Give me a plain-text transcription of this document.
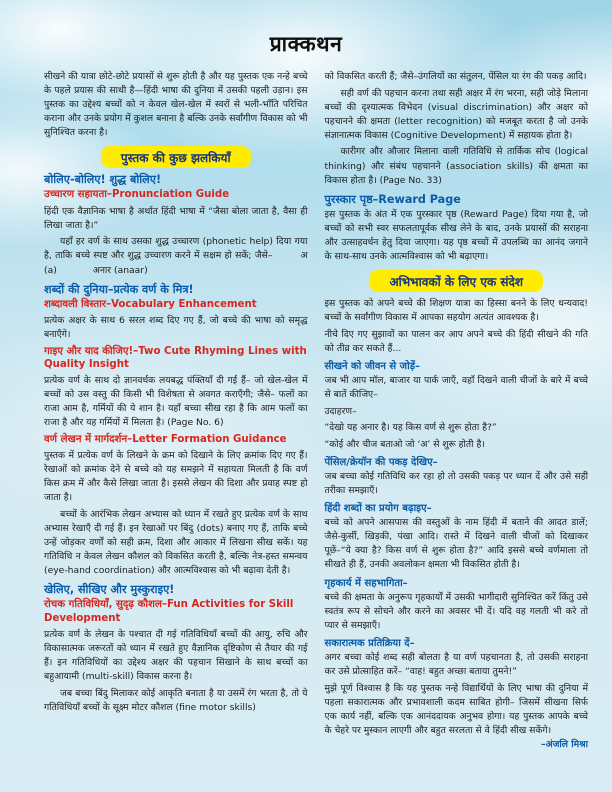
प्राक्कथन

सीखने की यात्रा छोटे-छोटे प्रयासों से शुरू होती है और यह पुस्तक एक नन्हे बच्चे के पहले प्रयास की साथी है—हिंदी भाषा की दुनिया में उसकी पहली उड़ान। इस पुस्तक का उद्देश्य बच्चों को न केवल खेल-खेल में स्वरों से भली-भाँति परिचित कराना और उनके प्रयोग में कुशल बनाना है बल्कि उनके सर्वांगीण विकास को भी सुनिश्चित करना है।

पुस्तक की कुछ झलकियाँ
बोलिए-बोलिए! शुद्ध बोलिए!
उच्चारण सहायता–Pronunciation Guide

हिंदी एक वैज्ञानिक भाषा है अर्थात हिंदी भाषा में “जैसा बोला जाता है, वैसा ही लिखा जाता है।”

यहाँ हर वर्ण के साथ उसका शुद्ध उच्चारण (phonetic help) दिया गया है, ताकि बच्चे स्पष्ट और शुद्ध उच्चारण करने में सक्षम हो सकें; जैसे–	अ (a)	अनार (anaar)

शब्दों की दुनिया–प्रत्येक वर्ण के मित्र!
शब्दावली विस्तार–Vocabulary Enhancement

प्रत्येक अक्षर के साथ 6 सरल शब्द दिए गए हैं, जो बच्चे की भाषा को समृद्ध बनाएँगे।

गाइए और याद कीजिए!–Two Cute Rhyming Lines with Quality Insight

प्रत्येक वर्ण के साथ दो ज्ञानवर्धक लयबद्ध पंक्तियाँ दी गई हैं– जो खेल-खेल में बच्चों को उस वस्तु की किसी भी विशेषता से अवगत कराएँगी; जैसे– फलों का राजा आम है, गर्मियों की ये शान है। यहाँ बच्चा सीख रहा है कि आम फलों का राजा है और यह गर्मियों में मिलता है। (Page No. 6)

वर्ण लेखन में मार्गदर्शन–Letter Formation Guidance

पुस्तक में प्रत्येक वर्ण के लिखने के क्रम को दिखाने के लिए क्रमांक दिए गए हैं। रेखाओं को क्रमांक देने से बच्चे को यह समझने में सहायता मिलती है कि वर्ण किस क्रम में और कैसे लिखा जाता है। इससे लेखन की दिशा और प्रवाह स्पष्ट हो जाता है।

बच्चों के आरंभिक लेखन अभ्यास को ध्यान में रखते हुए प्रत्येक वर्ण के साथ अभ्यास रेखाएँ दी गई हैं। इन रेखाओं पर बिंदु (dots) बनाए गए हैं, ताकि बच्चे उन्हें जोड़कर वर्णों को सही क्रम, दिशा और आकार में लिखना सीख सकें। यह गतिविधि न केवल लेखन कौशल को विकसित करती है, बल्कि नेत्र-हस्त समन्वय (eye-hand coordination) और आत्मविश्वास को भी बढ़ावा देती है।

खेलिए, सीखिए और मुस्कुराइए!
रोचक गतिविधियाँ, सुदृढ़ कौशल–Fun Activities for Skill Development

प्रत्येक वर्ण के लेखन के पश्चात दी गई गतिविधियाँ बच्चों की आयु, रुचि और विकासात्मक जरूरतों को ध्यान में रखते हुए वैज्ञानिक दृष्टिकोण से तैयार की गई हैं। इन गतिविधियों का उद्देश्य अक्षर की पहचान सिखाने के साथ बच्चों का बहुआयामी (multi-skill) विकास करना है।

जब बच्चा बिंदु मिलाकर कोई आकृति बनाता है या उसमें रंग भरता है, तो ये गतिविधियाँ बच्चों के सूक्ष्म मोटर कौशल (fine motor skills)

को विकसित करती हैं; जैसे–उंगलियों का संतुलन, पेंसिल या रंग की पकड़ आदि।

सही वर्ण की पहचान करना तथा सही अक्षर में रंग भरना, सही जोड़े मिलाना बच्चों की दृश्यात्मक विभेदन (visual discrimination) और अक्षर को पहचानने की क्षमता (letter recognition) को मजबूत करता है जो उनके संज्ञानात्मक विकास (Cognitive Development) में सहायक होता है।

कारीगर और औजार मिलाना वाली गतिविधि से तार्किक सोच (logical thinking) और संबंध पहचानने (association skills) की क्षमता का विकास होता है। (Page No. 33)

पुरस्कार पृष्ठ–Reward Page

इस पुस्तक के अंत में एक पुरस्कार पृष्ठ (Reward Page) दिया गया है, जो बच्चों को सभी स्वर सफलतापूर्वक सीख लेने के बाद, उनके प्रयासों की सराहना और उत्साहवर्धन हेतु दिया जाएगा। यह पृष्ठ बच्चों में उपलब्धि का आनंद जगाने के साथ-साथ उनके आत्मविश्वास को भी बढ़ाएगा।

अभिभावकों के लिए एक संदेश

इस पुस्तक को अपने बच्चे की शिक्षण यात्रा का हिस्सा बनने के लिए धन्यवाद! बच्चों के सर्वांगीण विकास में आपका सहयोग अत्यंत आवश्यक है।

नीचे दिए गए सुझावों का पालन कर आप अपने बच्चे की हिंदी सीखने की गति को तीव्र कर सकते हैं...

सीखने को जीवन से जोड़ें–

जब भी आप मॉल, बाजार या पार्क जाएँ, वहाँ दिखने वाली चीजों के बारे में बच्चे से बातें कीजिए–

उदाहरण–

“देखो यह अनार है। यह किस वर्ण से शुरू होता है?”

“कोई और चीज बताओ जो ‘अ’ से शुरू होती है।

पेंसिल/क्रेयॉन की पकड़ देखिए–

जब बच्चा कोई गतिविधि कर रहा हो तो उसकी पकड़ पर ध्यान दें और उसे सही तरीका समझाएँ।

हिंदी शब्दों का प्रयोग बढ़ाइए–

बच्चे को अपने आसपास की वस्तुओं के नाम हिंदी में बताने की आदत डालें; जैसे-कुर्सी, खिड़की, पंखा आदि। रास्ते में दिखने वाली चीजों को दिखाकर पूछें–“ये क्या है? किस वर्ण से शुरू होता है?” आदि इससे बच्चे वर्णमाला तो सीखते ही हैं, उनकी अवलोकन क्षमता भी विकसित होती है।

गृहकार्य में सहभागिता–

बच्चे की क्षमता के अनुरूप गृहकार्यों में उसकी भागीदारी सुनिश्चित करें किंतु उसे स्वतंत्र रूप से सोचने और करने का अवसर भी दें। यदि वह गलती भी करे तो प्यार से समझाएँ।

सकारात्मक प्रतिक्रिया दें–

अगर बच्चा कोई शब्द सही बोलता है या वर्ण पहचानता है, तो उसकी सराहना कर उसे प्रोत्साहित करें– “वाह! बहुत अच्छा बताया तुमने!”

मुझे पूर्ण विश्वास है कि यह पुस्तक नन्हे विद्यार्थियों के लिए भाषा की दुनिया में पहला सकारात्मक और प्रभावशाली कदम साबित होगी– जिसमें सीखना सिर्फ एक कार्य नहीं, बल्कि एक आनंददायक अनुभव होगा। यह पुस्तक आपके बच्चे के चेहरे पर मुस्कान लाएगी और बहुत सरलता से वे हिंदी सीख सकेंगे।
–अंजलि मिश्रा
